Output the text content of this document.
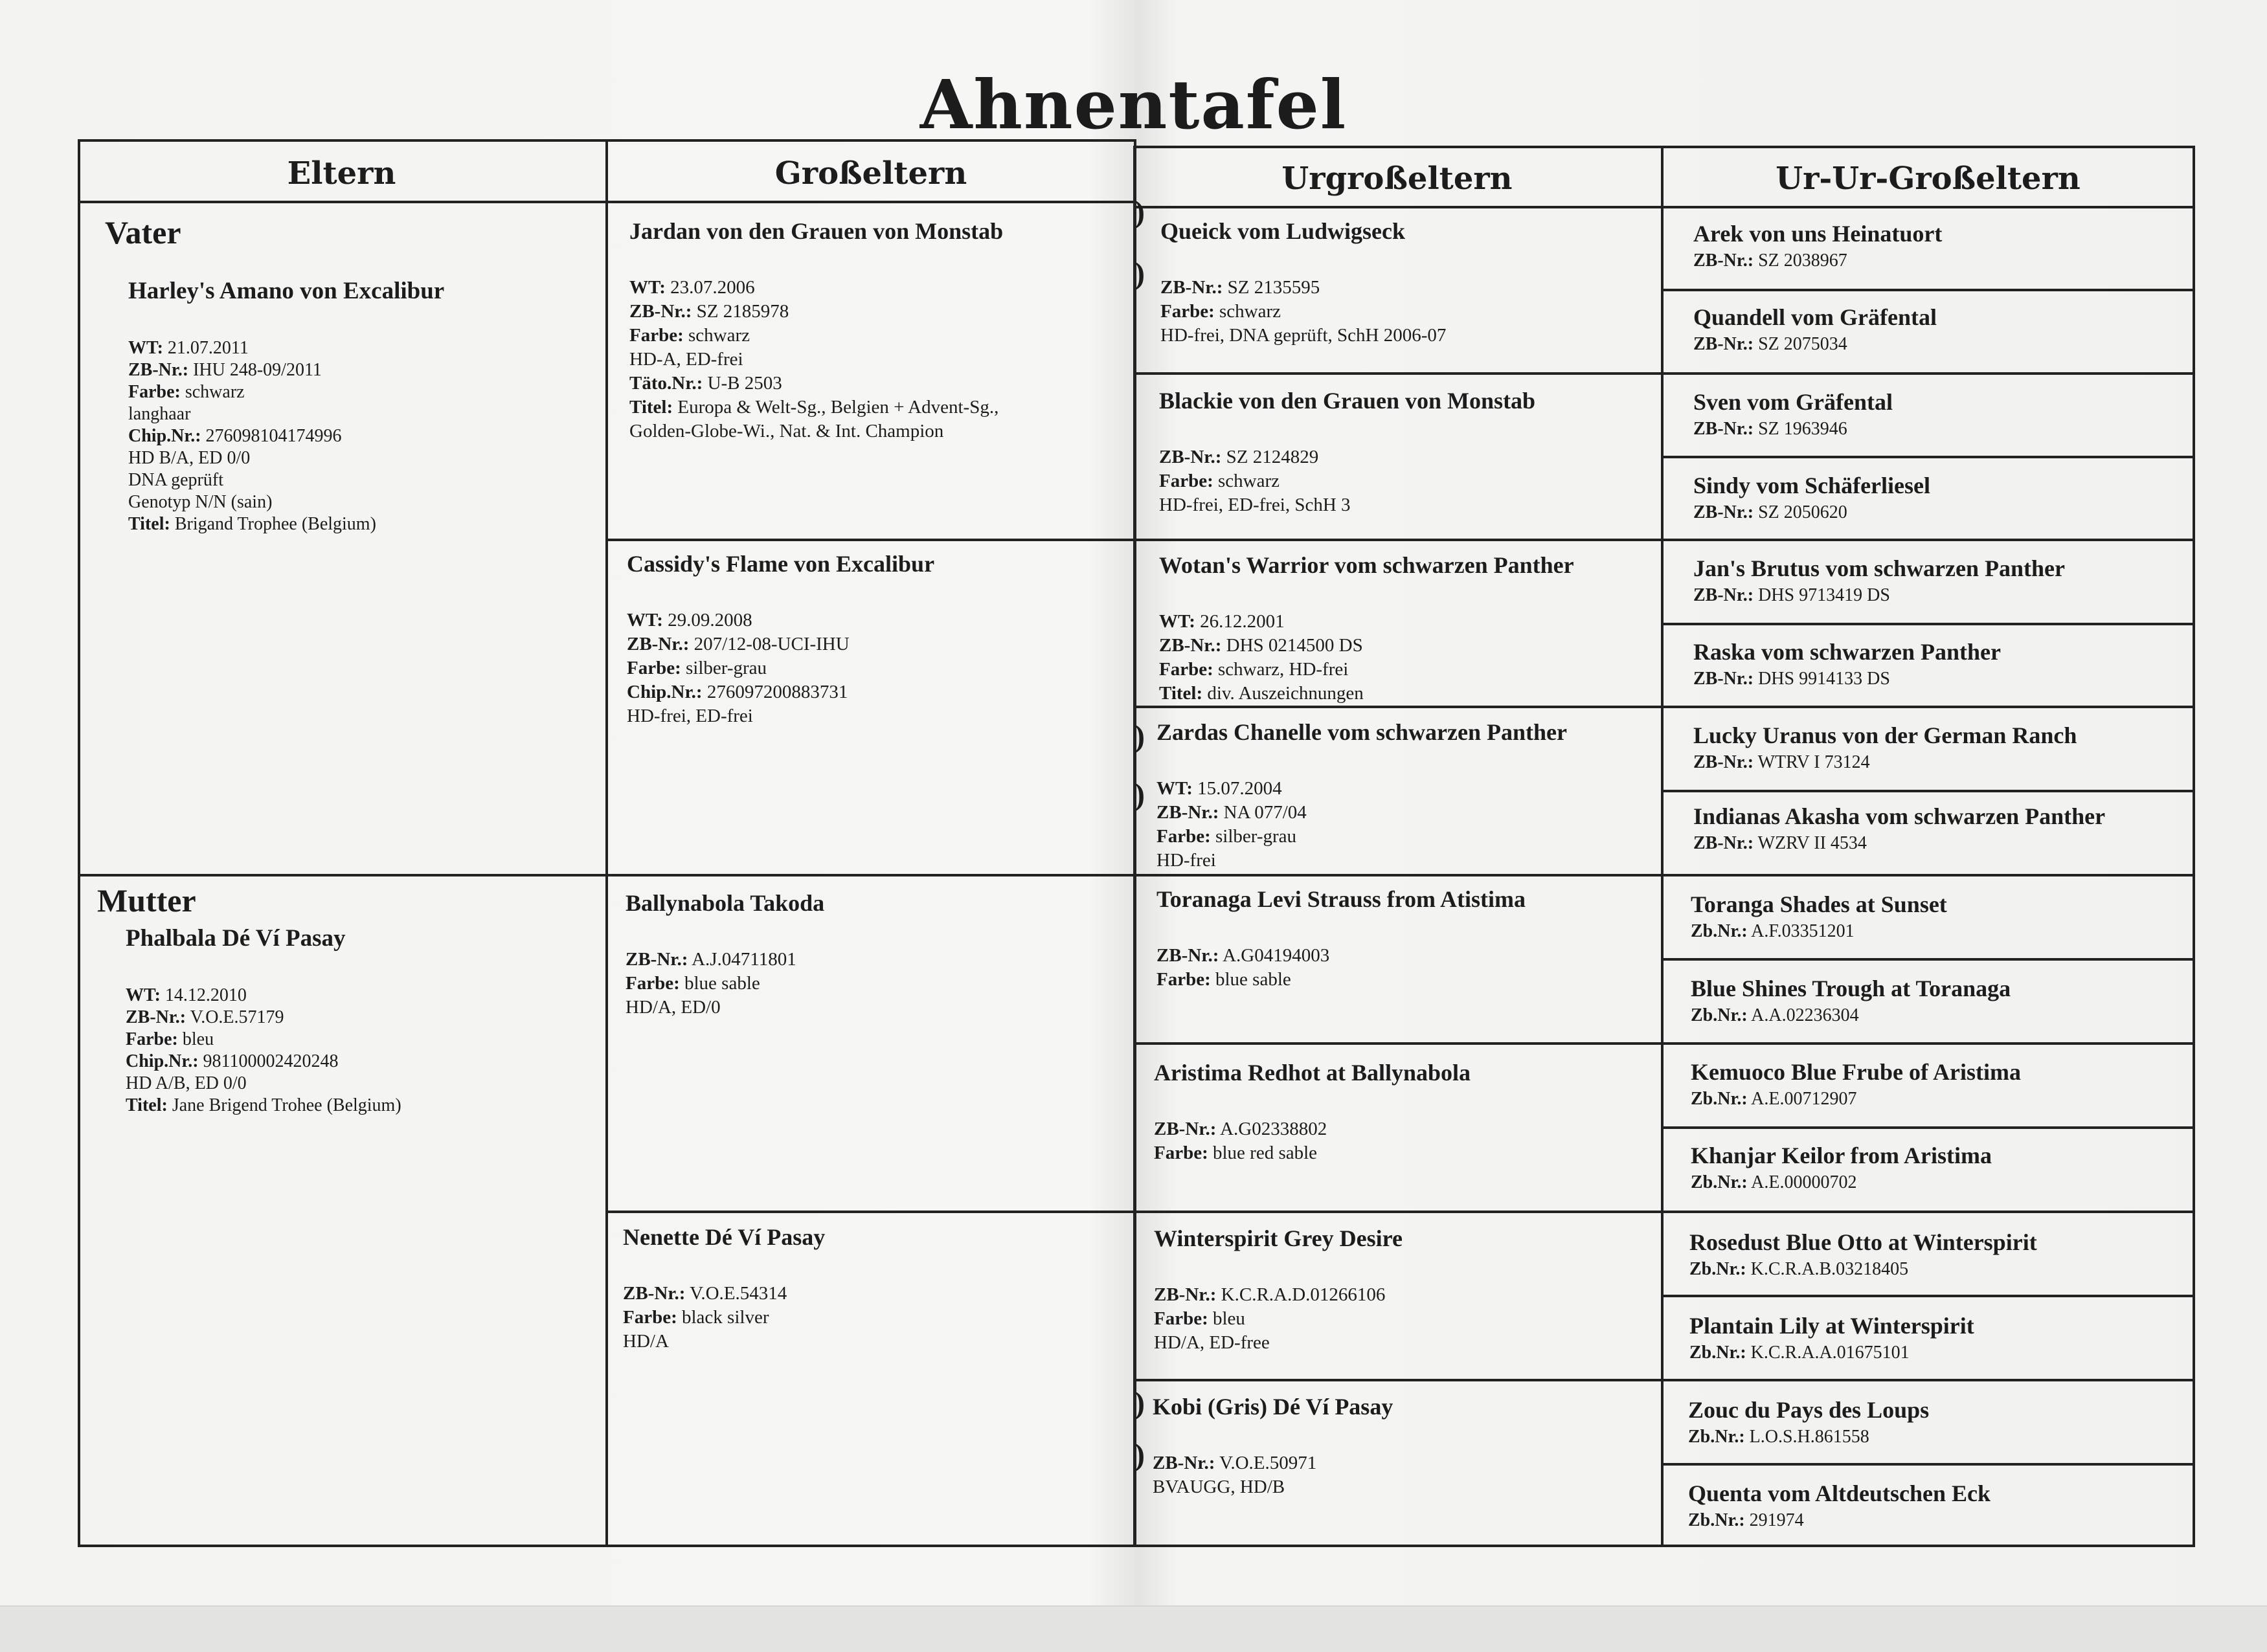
Ahnentafel
Eltern	Großeltern
Vater
Harley's Amano von Excalibur
WT: 21.07.2011
ZB-Nr.: IHU 248-09/2011
Farbe: schwarz
langhaar
Chip.Nr.: 276098104174996
HD B/A, ED 0/0
DNA geprüft
Genotyp N/N (sain)
Titel: Brigand Trophee (Belgium)
Mutter
Phalbala Dé Ví Pasay
WT: 14.12.2010
ZB-Nr.: V.O.E.57179
Farbe: bleu
Chip.Nr.: 981100002420248
HD A/B, ED 0/0
Titel: Jane Brigend Trohee (Belgium)
Jardan von den Grauen von Monstab
WT: 23.07.2006
ZB-Nr.: SZ 2185978
Farbe: schwarz
HD-A, ED-frei
Täto.Nr.: U-B 2503
Titel: Europa & Welt-Sg., Belgien + Advent-Sg.,
Golden-Globe-Wi., Nat. & Int. Champion
Cassidy's Flame von Excalibur
WT: 29.09.2008
ZB-Nr.: 207/12-08-UCI-IHU
Farbe: silber-grau
Chip.Nr.: 276097200883731
HD-frei, ED-frei
Ballynabola Takoda
ZB-Nr.: A.J.04711801
Farbe: blue sable
HD/A, ED/0
Nenette Dé Ví Pasay
ZB-Nr.: V.O.E.54314
Farbe: black silver
HD/A
Urgroßeltern	Ur-Ur-Großeltern
)
)
)
)
)
)
Queick vom Ludwigseck
ZB-Nr.: SZ 2135595
Farbe: schwarz
HD-frei, DNA geprüft, SchH 2006-07
Blackie von den Grauen von Monstab
ZB-Nr.: SZ 2124829
Farbe: schwarz
HD-frei, ED-frei, SchH 3
Wotan's Warrior vom schwarzen Panther
WT: 26.12.2001
ZB-Nr.: DHS 0214500 DS
Farbe: schwarz, HD-frei
Titel: div. Auszeichnungen
Zardas Chanelle vom schwarzen Panther
WT: 15.07.2004
ZB-Nr.: NA 077/04
Farbe: silber-grau
HD-frei
Toranaga Levi Strauss from Atistima
ZB-Nr.: A.G04194003
Farbe: blue sable
Aristima Redhot at Ballynabola
ZB-Nr.: A.G02338802
Farbe: blue red sable
Winterspirit Grey Desire
ZB-Nr.: K.C.R.A.D.01266106
Farbe: bleu
HD/A, ED-free
Kobi (Gris) Dé Ví Pasay
ZB-Nr.: V.O.E.50971
BVAUGG, HD/B
Arek von uns Heinatuort
ZB-Nr.: SZ 2038967
Quandell vom Gräfental
ZB-Nr.: SZ 2075034
Sven vom Gräfental
ZB-Nr.: SZ 1963946
Sindy vom Schäferliesel
ZB-Nr.: SZ 2050620
Jan's Brutus vom schwarzen Panther
ZB-Nr.: DHS 9713419 DS
Raska vom schwarzen Panther
ZB-Nr.: DHS 9914133 DS
Lucky Uranus von der German Ranch
ZB-Nr.: WTRV I 73124
Indianas Akasha vom schwarzen Panther
ZB-Nr.: WZRV II 4534
Toranga Shades at Sunset
Zb.Nr.: A.F.03351201
Blue Shines Trough at Toranaga
Zb.Nr.: A.A.02236304
Kemuoco Blue Frube of Aristima
Zb.Nr.: A.E.00712907
Khanjar Keilor from Aristima
Zb.Nr.: A.E.00000702
Rosedust Blue Otto at Winterspirit
Zb.Nr.: K.C.R.A.B.03218405
Plantain Lily at Winterspirit
Zb.Nr.: K.C.R.A.A.01675101
Zouc du Pays des Loups
Zb.Nr.: L.O.S.H.861558
Quenta vom Altdeutschen Eck
Zb.Nr.: 291974
